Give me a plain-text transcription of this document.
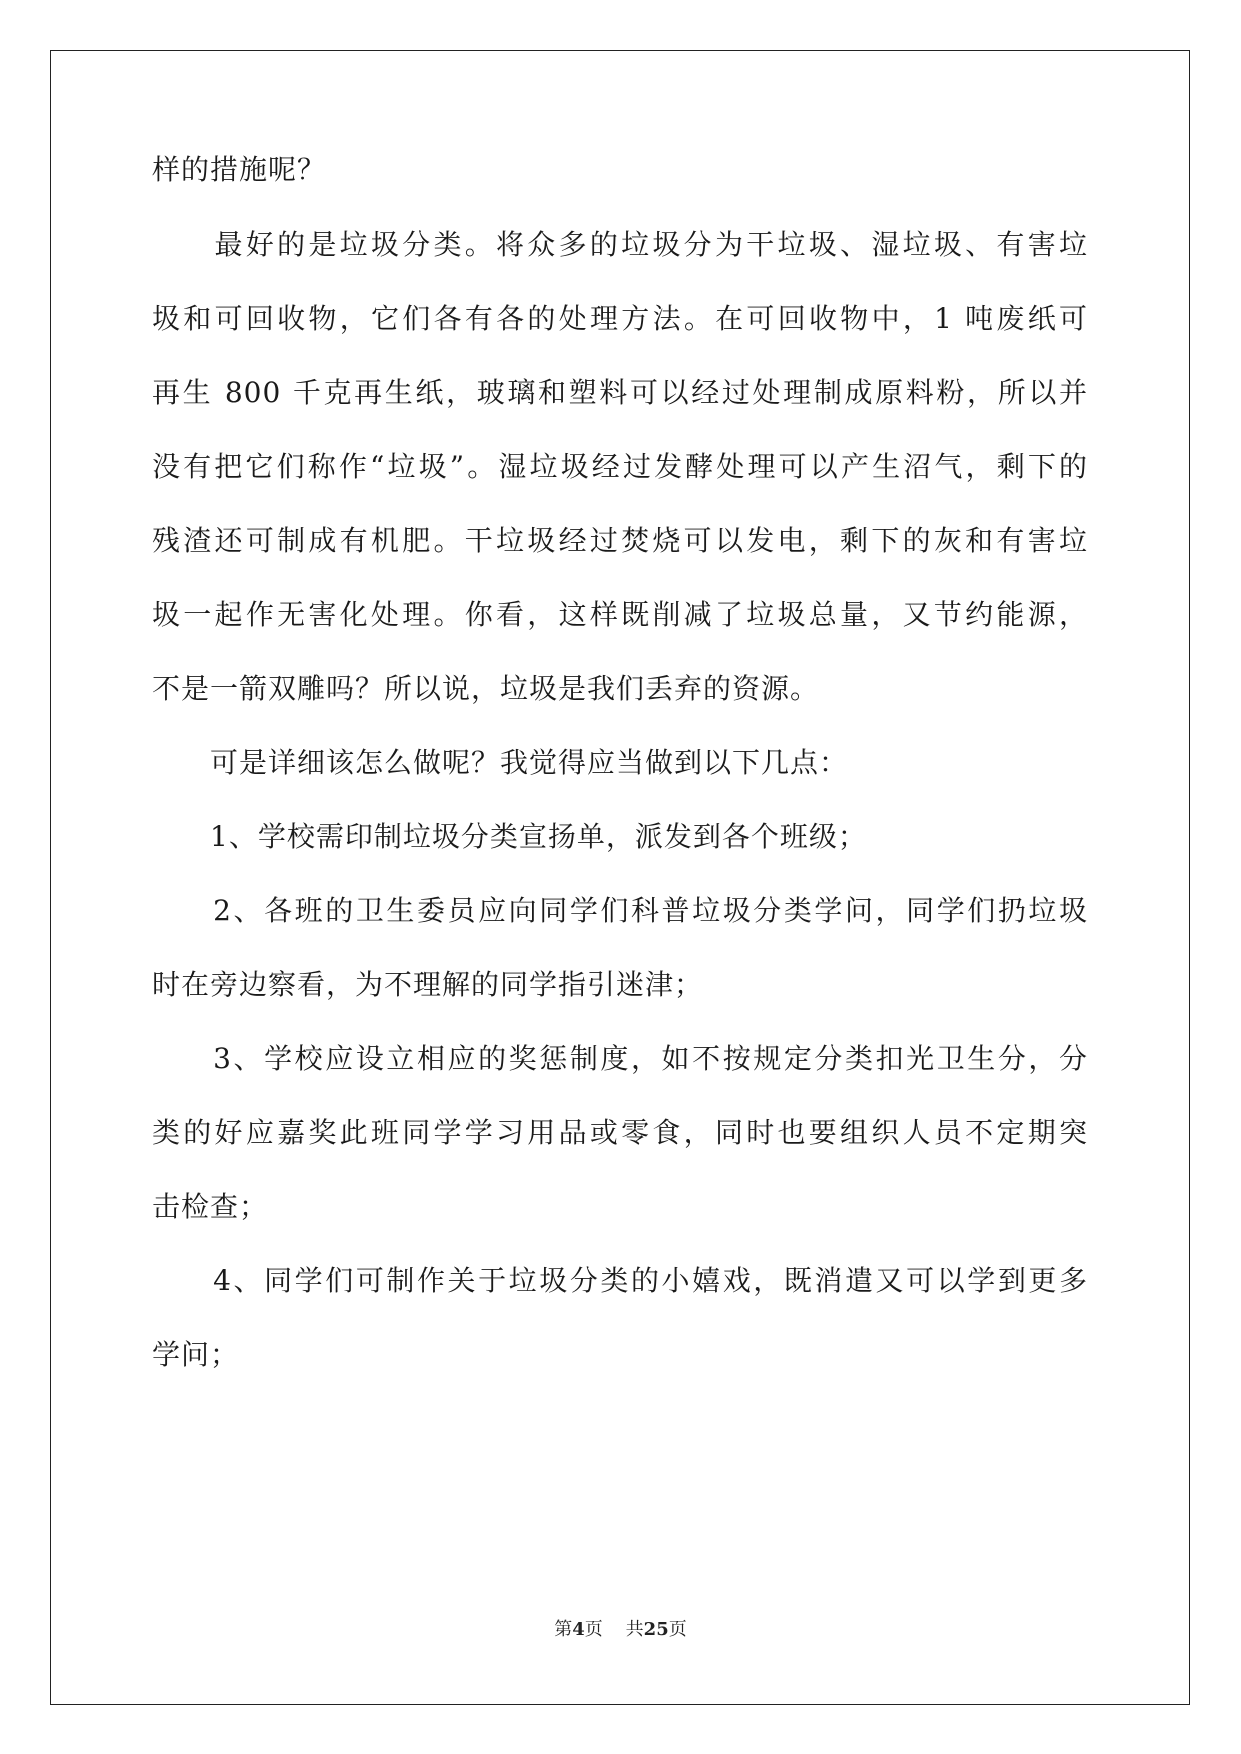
样的措施呢？
　　最好的是垃圾分类。将众多的垃圾分为干垃圾、湿垃圾、有害垃
圾和可回收物，它们各有各的处理方法。在可回收物中，1 吨废纸可
再生 800 千克再生纸，玻璃和塑料可以经过处理制成原料粉，所以并
没有把它们称作“垃圾”。湿垃圾经过发酵处理可以产生沼气，剩下的
残渣还可制成有机肥。干垃圾经过焚烧可以发电，剩下的灰和有害垃
圾一起作无害化处理。你看，这样既削减了垃圾总量，又节约能源，
不是一箭双雕吗？所以说，垃圾是我们丢弃的资源。
　　可是详细该怎么做呢？我觉得应当做到以下几点：
　　1、学校需印制垃圾分类宣扬单，派发到各个班级；
　　2、各班的卫生委员应向同学们科普垃圾分类学问，同学们扔垃圾
时在旁边察看，为不理解的同学指引迷津；
　　3、学校应设立相应的奖惩制度，如不按规定分类扣光卫生分，分
类的好应嘉奖此班同学学习用品或零食，同时也要组织人员不定期突
击检查；
　　4、同学们可制作关于垃圾分类的小嬉戏，既消遣又可以学到更多
学问；
第4页 共25页
